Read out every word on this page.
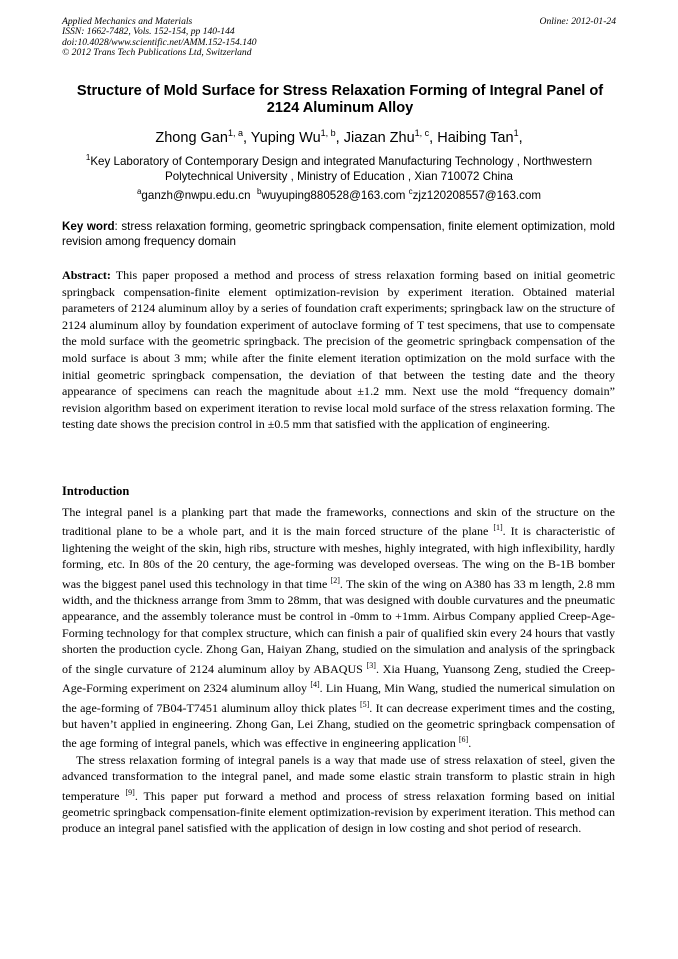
Applied Mechanics and Materials
ISSN: 1662-7482, Vols. 152-154, pp 140-144
doi:10.4028/www.scientific.net/AMM.152-154.140
© 2012 Trans Tech Publications Ltd, Switzerland
Online: 2012-01-24
Structure of Mold Surface for Stress Relaxation Forming of Integral Panel of 2124 Aluminum Alloy
Zhong Gan$^{1, a}$, Yuping Wu$^{1, b}$, Jiazan Zhu$^{1, c}$, Haibing Tan$^1$,
$^1$Key Laboratory of Contemporary Design and integrated Manufacturing Technology , Northwestern Polytechnical University , Ministry of Education , Xian 710072 China
$^a$ganzh@nwpu.edu.cn $^b$wuyuping880528@163.com $^c$zjz120208557@163.com
Key word: stress relaxation forming, geometric springback compensation, finite element optimization, mold revision among frequency domain
Abstract: This paper proposed a method and process of stress relaxation forming based on initial geometric springback compensation-finite element optimization-revision by experiment iteration. Obtained material parameters of 2124 aluminum alloy by a series of foundation craft experiments; springback law on the structure of 2124 aluminum alloy by foundation experiment of autoclave forming of T test specimens, that use to compensate the mold surface with the geometric springback. The precision of the geometric springback compensation of the mold surface is about 3 mm; while after the finite element iteration optimization on the mold surface with the initial geometric springback compensation, the deviation of that between the testing date and the theory appearance of specimens can reach the magnitude about ±1.2 mm. Next use the mold “frequency domain” revision algorithm based on experiment iteration to revise local mold surface of the stress relaxation forming. The testing date shows the precision control in ±0.5 mm that satisfied with the application of engineering.
Introduction

The integral panel is a planking part that made the frameworks, connections and skin of the structure on the traditional plane to be a whole part, and it is the main forced structure of the plane [1]. It is characteristic of lightening the weight of the skin, high ribs, structure with meshes, highly integrated, with high inflexibility, hardly forming, etc. In 80s of the 20 century, the age-forming was developed overseas. The wing on the B-1B bomber was the biggest panel used this technology in that time [2]. The skin of the wing on A380 has 33 m length, 2.8 mm width, and the thickness arrange from 3mm to 28mm, that was designed with double curvatures and the pneumatic appearance, and the assembly tolerance must be control in -0mm to +1mm. Airbus Company applied Creep-Age-Forming technology for that complex structure, which can finish a pair of qualified skin every 24 hours that vastly shorten the production cycle. Zhong Gan, Haiyan Zhang, studied on the simulation and analysis of the springback of the single curvature of 2124 aluminum alloy by ABAQUS [3]. Xia Huang, Yuansong Zeng, studied the Creep-Age-Forming experiment on 2324 aluminum alloy [4]. Lin Huang, Min Wang, studied the numerical simulation on the age-forming of 7B04-T7451 aluminum alloy thick plates [5]. It can decrease experiment times and the costing, but haven’t applied in engineering. Zhong Gan, Lei Zhang, studied on the geometric springback compensation of the age forming of integral panels, which was effective in engineering application [6].

The stress relaxation forming of integral panels is a way that made use of stress relaxation of steel, given the advanced transformation to the integral panel, and made some elastic strain transform to plastic strain in high temperature [9]. This paper put forward a method and process of stress relaxation forming based on initial geometric springback compensation-finite element optimization-revision by experiment iteration. This method can produce an integral panel satisfied with the application of design in low costing and shot period of research.
